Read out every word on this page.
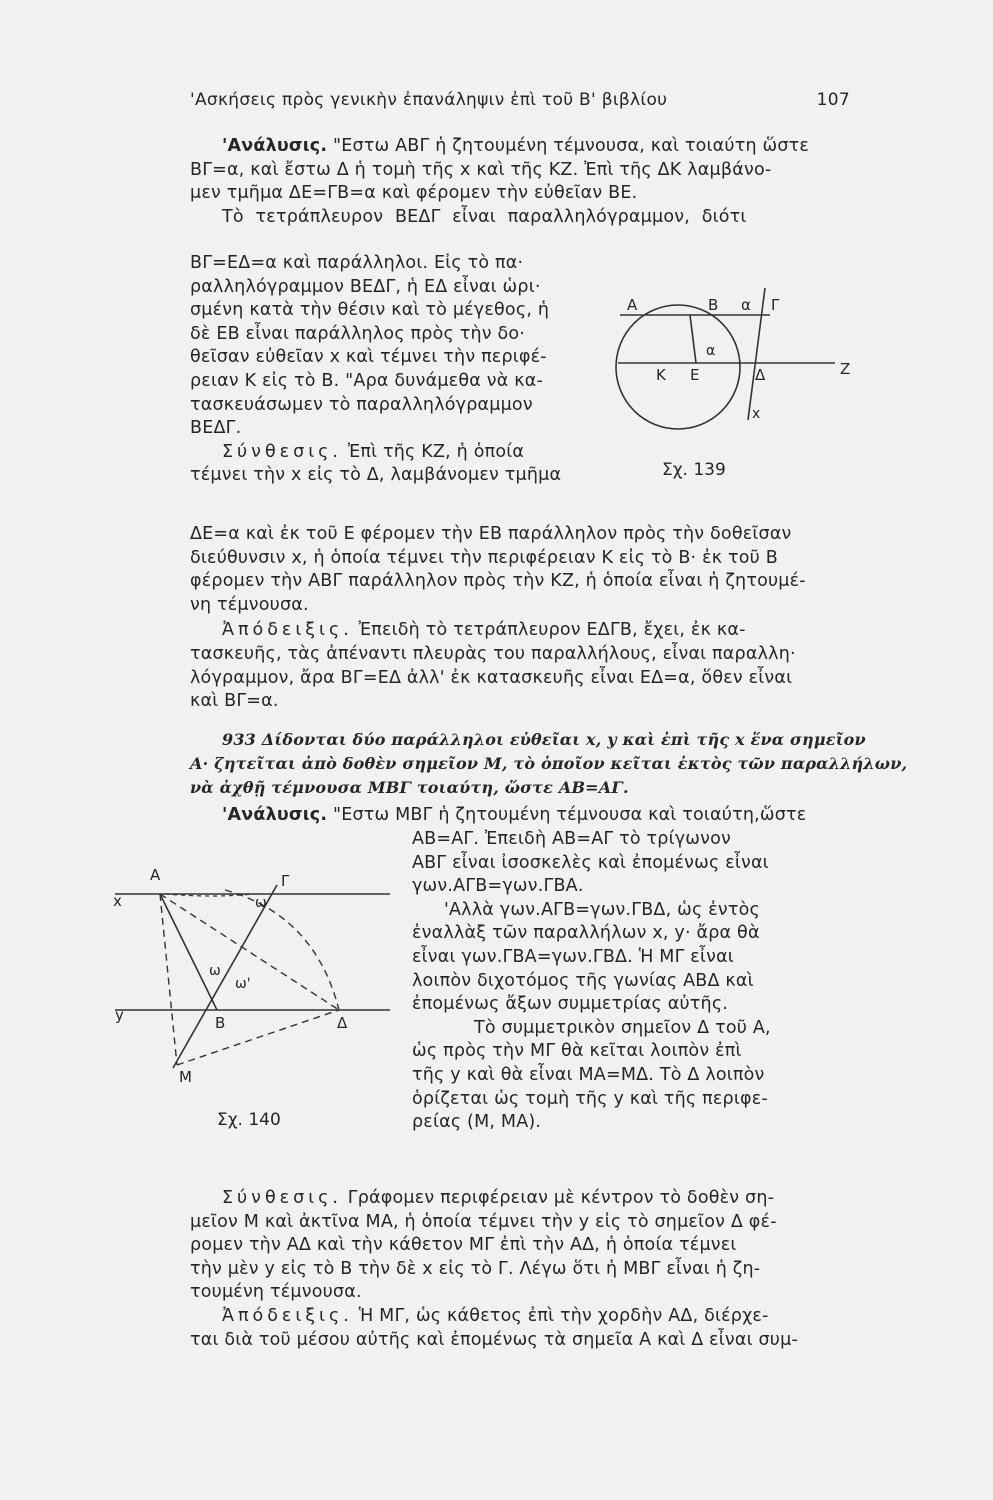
'Ασκήσεις πρὸς γενικὴν ἐπανάληψιν ἐπὶ τοῦ Β' βιβλίου	107

'Ανάλυσις. "Εστω ΑΒΓ ἡ ζητουμένη τέμνουσα, καὶ τοιαύτη ὥστε

ΒΓ=α, καὶ ἔστω Δ ἡ τομὴ τῆς x καὶ τῆς ΚΖ. Ἐπὶ τῆς ΔΚ λαμβάνο-

μεν τμῆμα ΔΕ=ΓΒ=α καὶ φέρομεν τὴν εὐθεῖαν ΒΕ.

Τὸ τετράπλευρον ΒΕΔΓ εἶναι παραλληλόγραμμον, διότι

ΒΓ=ΕΔ=α καὶ παράλληλοι. Εἰς τὸ πα·

ραλληλόγραμμον ΒΕΔΓ, ἡ ΕΔ εἶναι ὡρι·

σμένη κατὰ τὴν θέσιν καὶ τὸ μέγεθος, ἡ

δὲ ΕΒ εἶναι παράλληλος πρὸς τὴν δο·

θεῖσαν εὐθεῖαν x καὶ τέμνει τὴν περιφέ-

ρειαν Κ εἰς τὸ Β. "Αρα δυνάμεθα νὰ κα-

τασκευάσωμεν τὸ παραλληλόγραμμον

ΒΕΔΓ.

Σύνθεσις. Ἐπὶ τῆς ΚΖ, ἡ ὁποία

τέμνει τὴν x εἰς τὸ Δ, λαμβάνομεν τμῆμα

Α	Β α Γ
α
Κ Ε	Δ	Ζ
x
Σχ. 139

ΔΕ=α καὶ ἐκ τοῦ Ε φέρομεν τὴν ΕΒ παράλληλον πρὸς τὴν δοθεῖσαν

διεύθυνσιν x, ἡ ὁποία τέμνει τὴν περιφέρειαν Κ εἰς τὸ Β· ἐκ τοῦ Β

φέρομεν τὴν ΑΒΓ παράλληλον πρὸς τὴν ΚΖ, ἡ ὁποία εἶναι ἡ ζητουμέ-

νη τέμνουσα.

Ἀπόδειξις. Ἐπειδὴ τὸ τετράπλευρον ΕΔΓΒ, ἔχει, ἐκ κα-

τασκευῆς, τὰς ἀπέναντι πλευρὰς του παραλλήλους, εἶναι παραλλη·

λόγραμμον, ἄρα ΒΓ=ΕΔ ἀλλ' ἐκ κατασκευῆς εἶναι ΕΔ=α, ὅθεν εἶναι

καὶ ΒΓ=α.

933 Δίδονται δύο παράλληλοι εὐθεῖαι x, y καὶ ἐπὶ τῆς x ἕνα σημεῖον

Α· ζητεῖται ἀπὸ δοθὲν σημεῖον Μ, τὸ ὁποῖον κεῖται ἐκτὸς τῶν παραλλήλων,

νὰ ἀχθῇ τέμνουσα ΜΒΓ τοιαύτη, ὥστε ΑΒ=ΑΓ.

'Ανάλυσις. "Εστω ΜΒΓ ἡ ζητουμένη τέμνουσα καὶ τοιαύτη,ὥστε

ΑΒ=ΑΓ. Ἐπειδὴ ΑΒ=ΑΓ τὸ τρίγωνον

ΑΒΓ εἶναι ἰσοσκελὲς καὶ ἐπομένως εἶναι

γων.ΑΓΒ=γων.ΓΒΑ.

'Αλλὰ γων.ΑΓΒ=γων.ΓΒΔ, ὡς ἐντὸς

ἐναλλὰξ τῶν παραλλήλων x, y· ἄρα θὰ

εἶναι γων.ΓΒΑ=γων.ΓΒΔ. Ἡ ΜΓ εἶναι

λοιπὸν διχοτόμος τῆς γωνίας ΑΒΔ καὶ

ἐπομένως ἄξων συμμετρίας αὐτῆς.

Τὸ συμμετρικὸν σημεῖον Δ τοῦ Α,

ὡς πρὸς τὴν ΜΓ θὰ κεῖται λοιπὸν ἐπὶ

τῆς y καὶ θὰ εἶναι ΜΑ=ΜΔ. Τὸ Δ λοιπὸν

ὁρίζεται ὡς τομὴ τῆς y καὶ τῆς περιφε-

ρείας (Μ, ΜΑ).

Α	Γ
x	ω
ω
ω'
y	Β	Δ
Μ
Σχ. 140

Σύνθεσις. Γράφομεν περιφέρειαν μὲ κέντρον τὸ δοθὲν ση-

μεῖον Μ καὶ ἀκτῖνα ΜΑ, ἡ ὁποία τέμνει τὴν y εἰς τὸ σημεῖον Δ φέ-

ρομεν τὴν ΑΔ καὶ τὴν κάθετον ΜΓ ἐπὶ τὴν ΑΔ, ἡ ὁποία τέμνει

τὴν μὲν y εἰς τὸ Β τὴν δὲ x εἰς τὸ Γ. Λέγω ὅτι ἡ ΜΒΓ εἶναι ἡ ζη-

τουμένη τέμνουσα.

Ἀπόδειξις. Ἡ ΜΓ, ὡς κάθετος ἐπὶ τὴν χορδὴν ΑΔ, διέρχε-

ται διὰ τοῦ μέσου αὐτῆς καὶ ἐπομένως τὰ σημεῖα Α καὶ Δ εἶναι συμ-
